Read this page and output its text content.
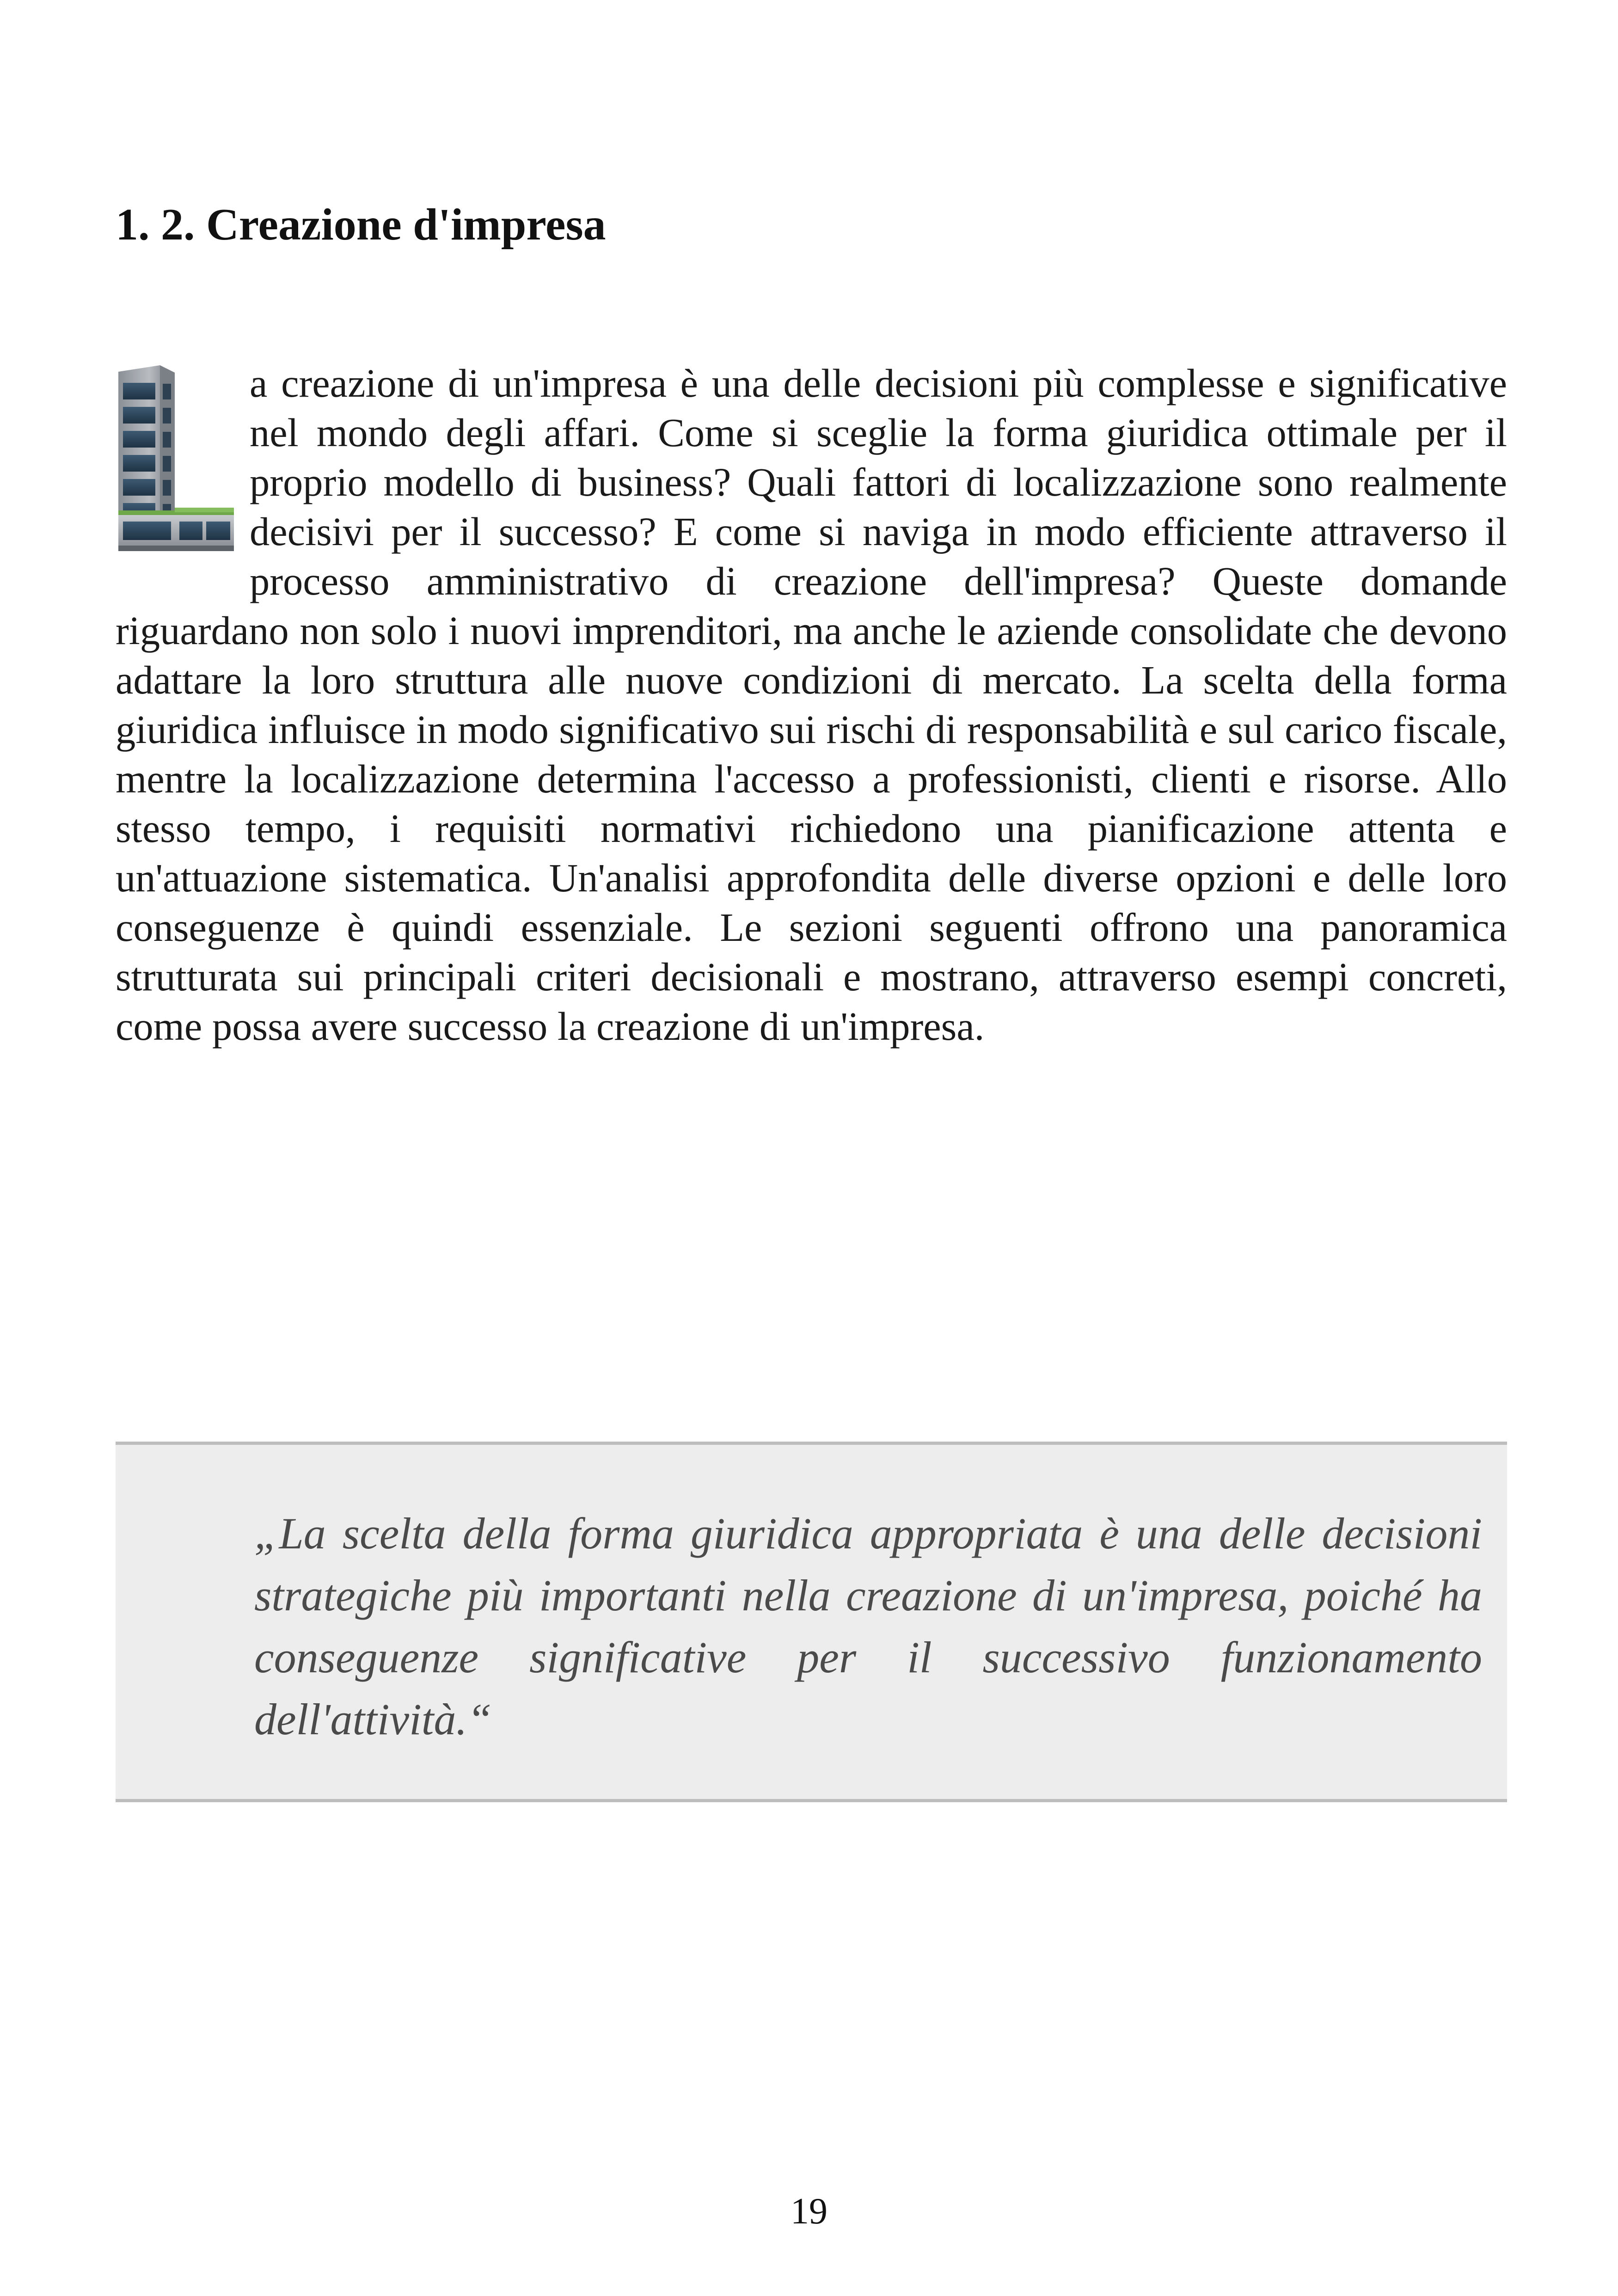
1. 2. Creazione d'impresa

a creazione di un'impresa è una delle decisioni più complesse e significative nel mondo degli affari. Come si sceglie la forma giuridica ottimale per il proprio modello di business? Quali fattori di localizzazione sono realmente decisivi per il successo? E come si naviga in modo efficiente attraverso il processo amministrativo di creazione dell'impresa? Queste domande riguardano non solo i nuovi imprenditori, ma anche le aziende consolidate che devono adattare la loro struttura alle nuove condizioni di mercato. La scelta della forma giuridica influisce in modo significativo sui rischi di responsabilità e sul carico fiscale, mentre la localizzazione determina l'accesso a professionisti, clienti e risorse. Allo stesso tempo, i requisiti normativi richiedono una pianificazione attenta e un'attuazione sistematica. Un'analisi approfondita delle diverse opzioni e delle loro conseguenze è quindi essenziale. Le sezioni seguenti offrono una panoramica strutturata sui principali criteri decisionali e mostrano, attraverso esempi concreti, come possa avere successo la creazione di un'impresa.

„La scelta della forma giuridica appropriata è una delle decisioni strategiche più importanti nella creazione di un'impresa, poiché ha conseguenze significative per il successivo funzionamento dell'attività.“

19
